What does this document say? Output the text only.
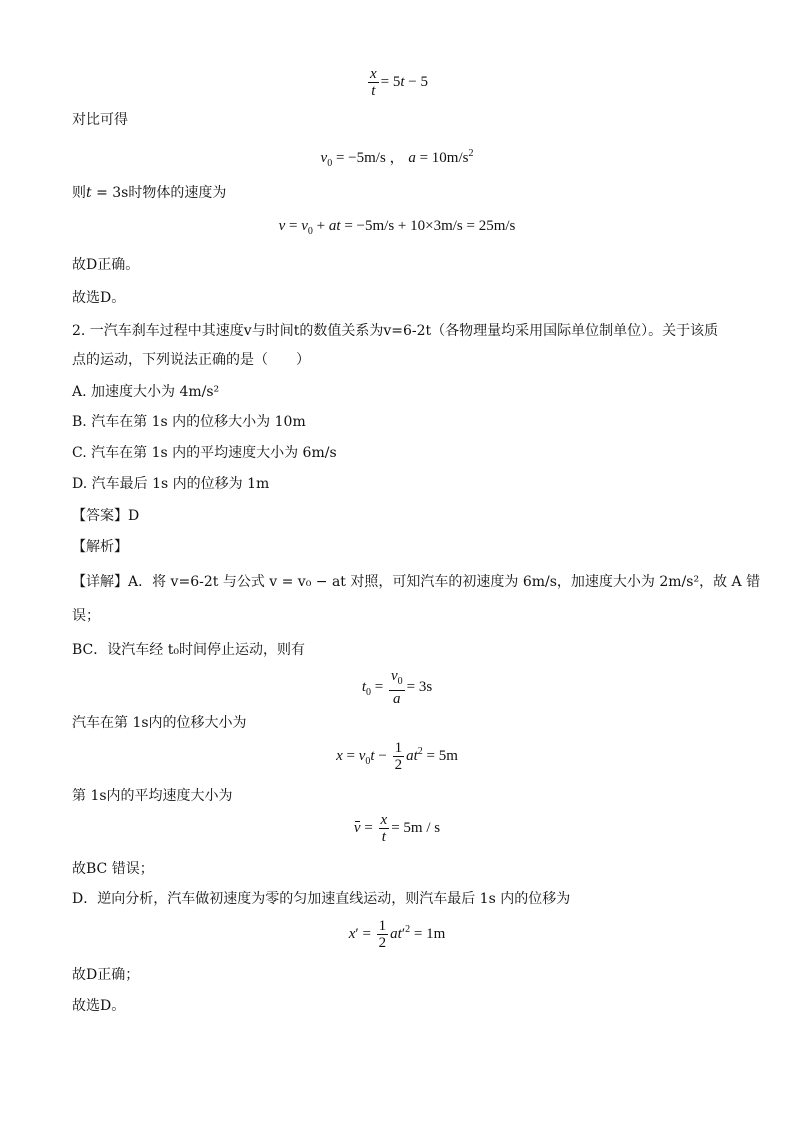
$\frac{x}{t} = 5t - 5$
对比可得
$v_0 = -5m/s$ ， $a = 10m/s^2$
则t = 3s时物体的速度为
$v = v_0$ + at = −5m/s + 10×3m/s = 25m/s
故D正确。
故选D。
2. 一汽车刹车过程中其速度v与时间t的数值关系为v=6-2t（各物理量均采用国际单位制单位）。关于该质
点的运动，下列说法正确的是（　　）
A. 加速度大小为 4m/s²
B. 汽车在第 1s 内的位移大小为 10m
C. 汽车在第 1s 内的平均速度大小为 6m/s
D. 汽车最后 1s 内的位移为 1m
【答案】D
【解析】
【详解】A．将 v=6-2t 与公式 v = v₀ − at 对照，可知汽车的初速度为 6m/s，加速度大小为 2m/s²，故 A 错
误；
BC．设汽车经 t₀时间停止运动，则有
$t_0 = \frac{v_0}{a} = 3s$
汽车在第 1s内的位移大小为
$x = v_0t - \frac{1}{2} at^2 = 5m$
第 1s内的平均速度大小为
$v = \frac{x}{t} = 5m / s$
故BC 错误；
D．逆向分析，汽车做初速度为零的匀加速直线运动，则汽车最后 1s 内的位移为
$x' = \frac{1}{2} at'^2 = 1m$
故D正确；
故选D。
